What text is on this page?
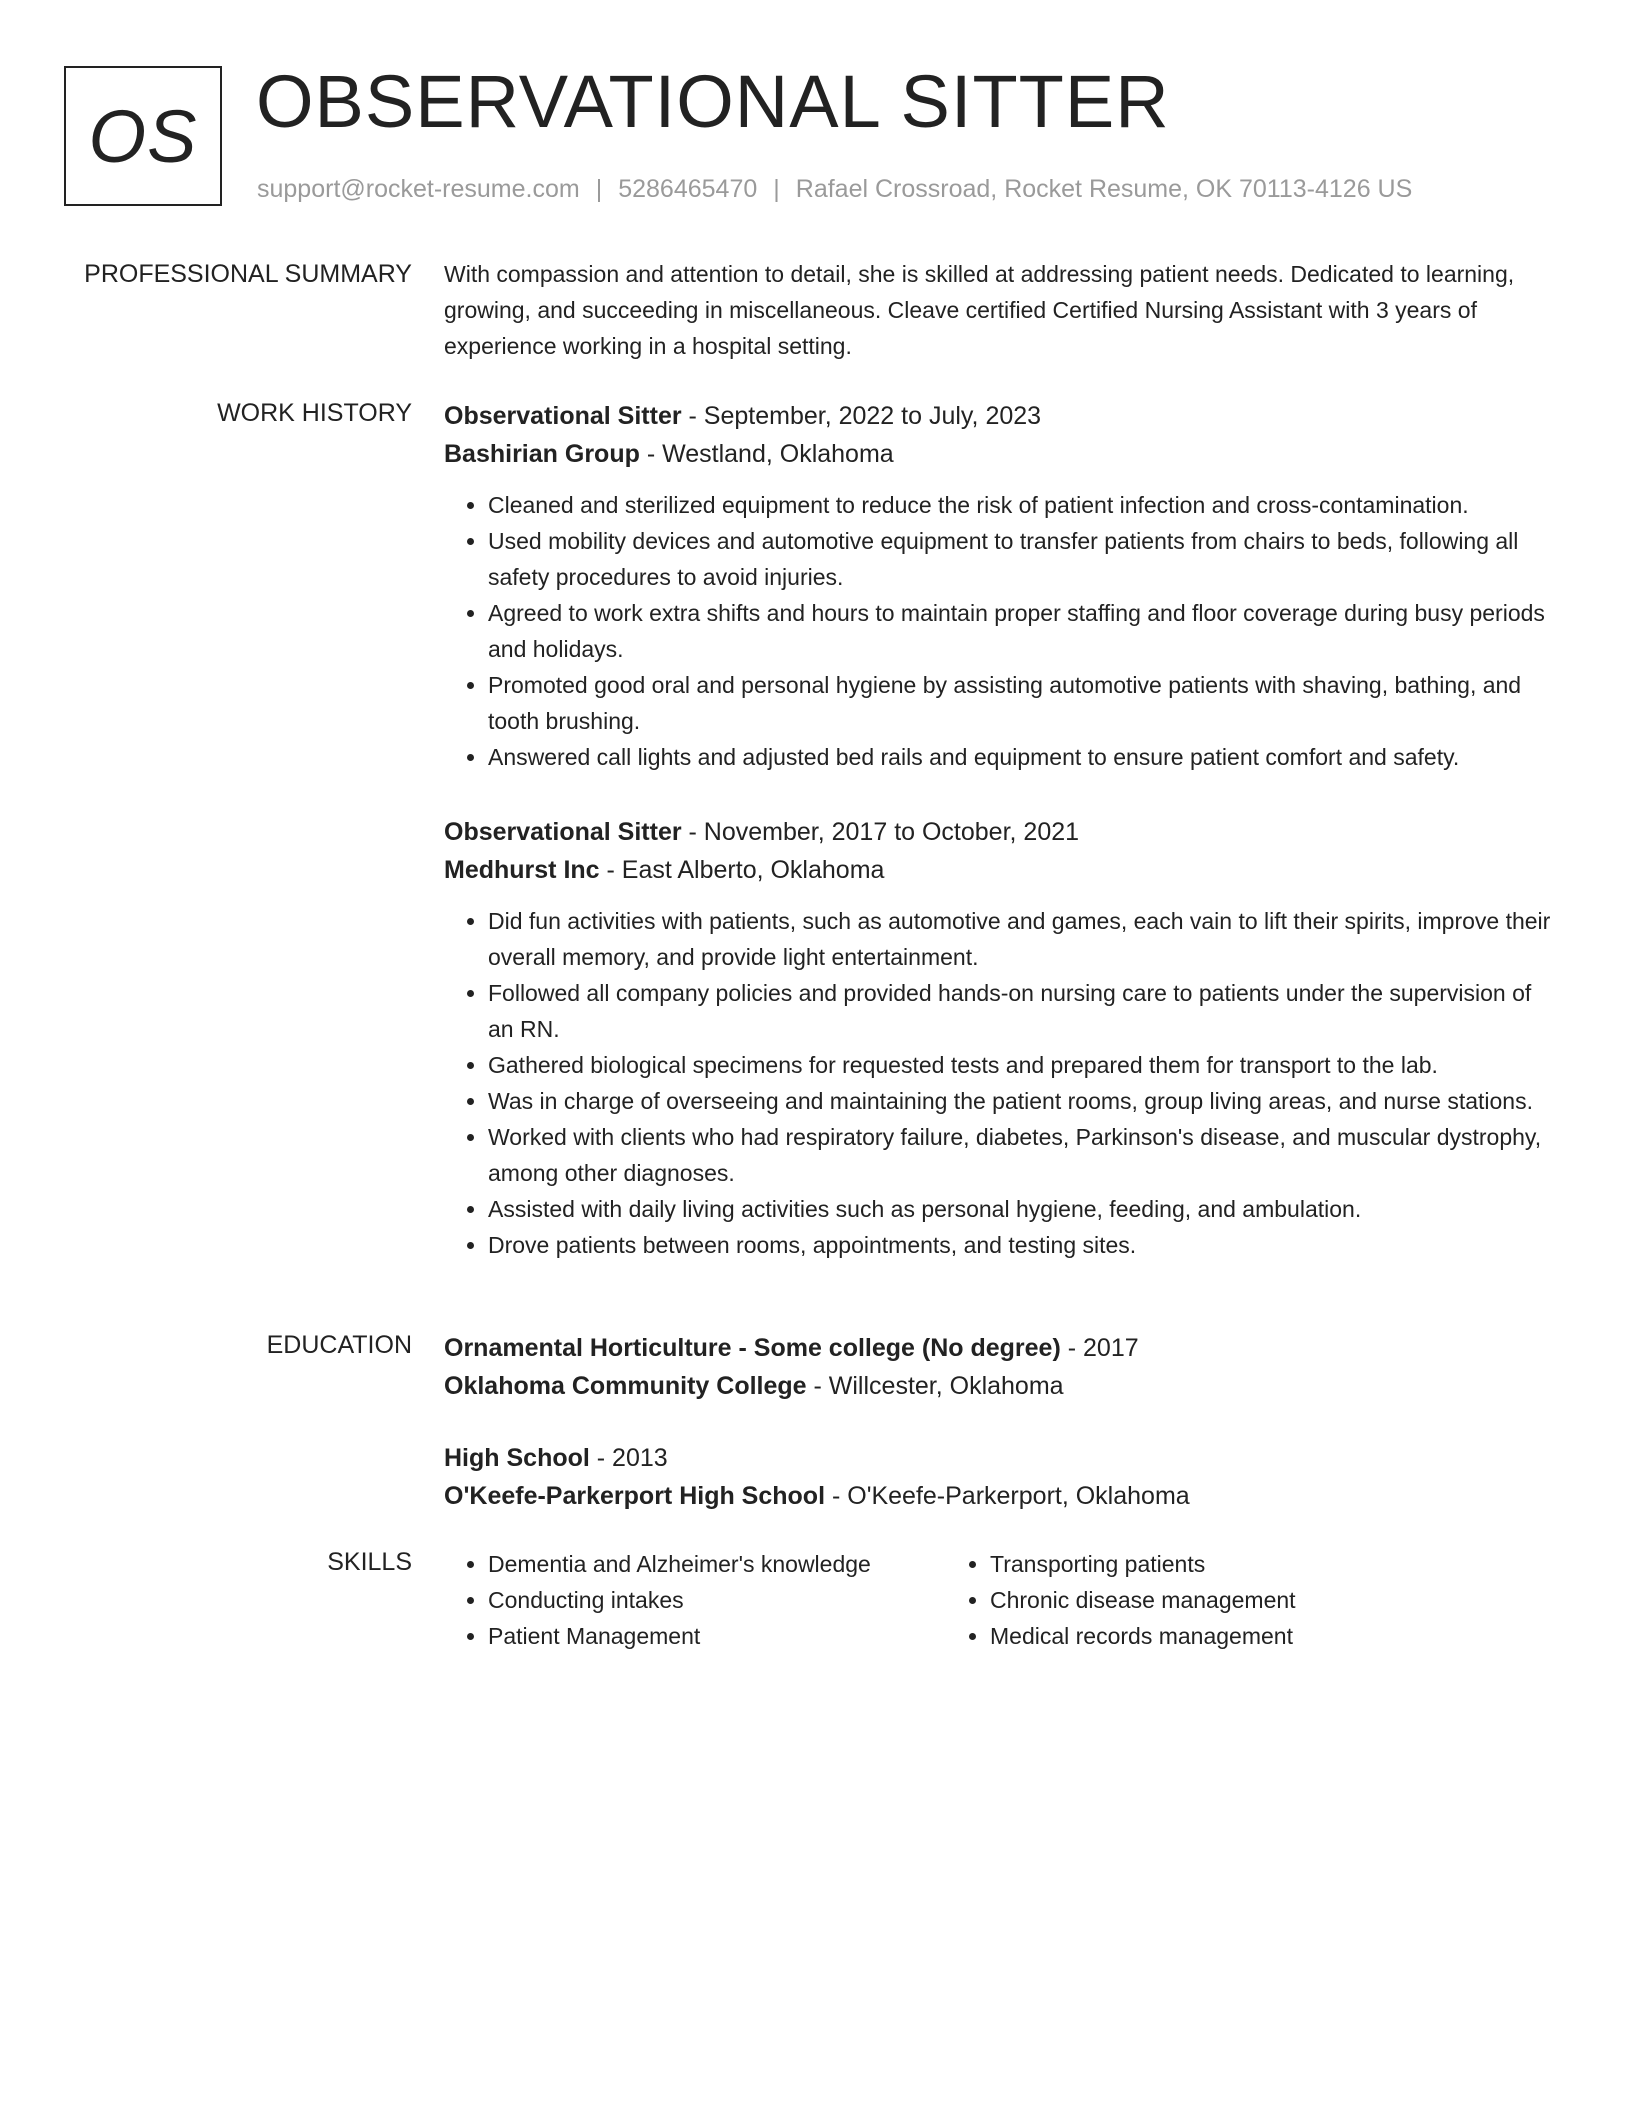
OS OBSERVATIONAL SITTER
support@rocket-resume.com | 5286465470 | Rafael Crossroad, Rocket Resume, OK 70113-4126 US
PROFESSIONAL SUMMARY With compassion and attention to detail, she is skilled at addressing patient needs. Dedicated to learning, growing, and succeeding in miscellaneous. Cleave certified Certified Nursing Assistant with 3 years of experience working in a hospital setting.

WORK HISTORY Observational Sitter - September, 2022 to July, 2023

Bashirian Group - Westland, Oklahoma

• Cleaned and sterilized equipment to reduce the risk of patient infection and cross-contamination.
• Used mobility devices and automotive equipment to transfer patients from chairs to beds, following all safety procedures to avoid injuries.
• Agreed to work extra shifts and hours to maintain proper staffing and floor coverage during busy periods and holidays.
• Promoted good oral and personal hygiene by assisting automotive patients with shaving, bathing, and tooth brushing.
• Answered call lights and adjusted bed rails and equipment to ensure patient comfort and safety.

Observational Sitter - November, 2017 to October, 2021

Medhurst Inc - East Alberto, Oklahoma

• Did fun activities with patients, such as automotive and games, each vain to lift their spirits, improve their overall memory, and provide light entertainment.
• Followed all company policies and provided hands-on nursing care to patients under the supervision of an RN.
• Gathered biological specimens for requested tests and prepared them for transport to the lab.
• Was in charge of overseeing and maintaining the patient rooms, group living areas, and nurse stations.
• Worked with clients who had respiratory failure, diabetes, Parkinson's disease, and muscular dystrophy, among other diagnoses.
• Assisted with daily living activities such as personal hygiene, feeding, and ambulation.
• Drove patients between rooms, appointments, and testing sites.
EDUCATION Ornamental Horticulture - Some college (No degree) - 2017

Oklahoma Community College - Willcester, Oklahoma

High School - 2013

O'Keefe-Parkerport High School - O'Keefe-Parkerport, Oklahoma

SKILLS
•	Dementia and Alzheimer's knowledge
• Conducting intakes
• Patient Management
• Transporting patients
• Chronic disease management
• Medical records management
